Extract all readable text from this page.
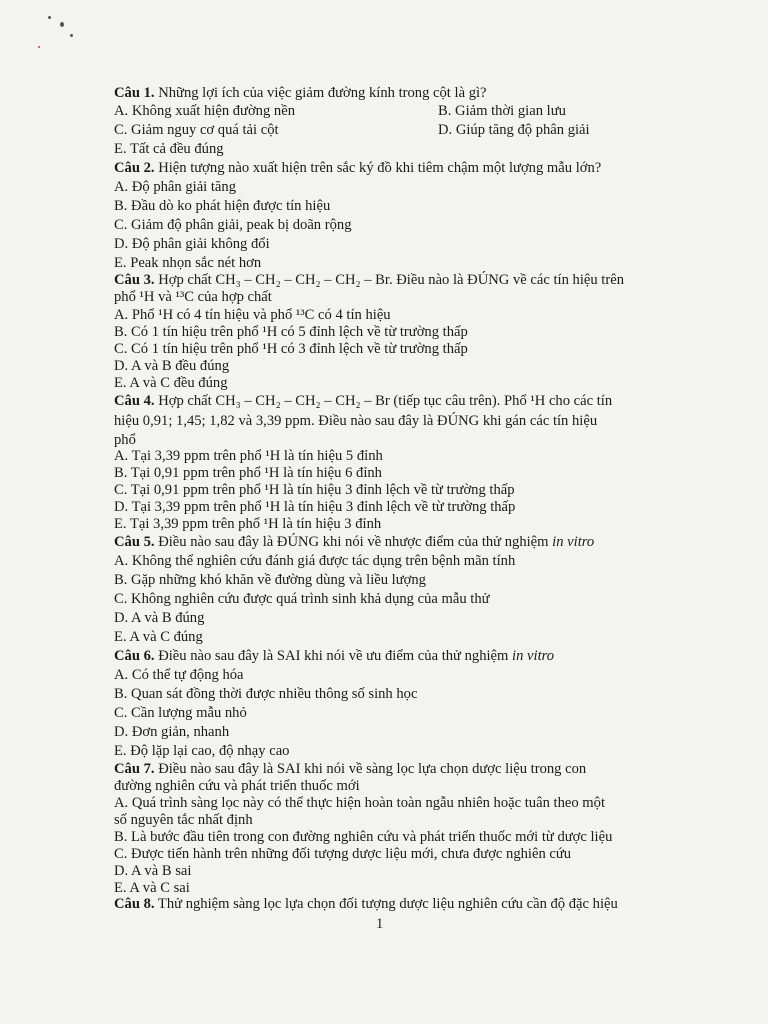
Câu 1. Những lợi ích của việc giảm đường kính trong cột là gì?
A. Không xuất hiện đường nền	B. Giảm thời gian lưu
C. Giảm nguy cơ quá tải cột	D. Giúp tăng độ phân giải
E. Tất cả đều đúng
Câu 2. Hiện tượng nào xuất hiện trên sắc ký đồ khi tiêm chậm một lượng mẫu lớn?
A. Độ phân giải tăng
B. Đầu dò ko phát hiện được tín hiệu
C. Giảm độ phân giải, peak bị doãn rộng
D. Độ phân giải không đổi
E. Peak nhọn sắc nét hơn
Câu 3. Hợp chất CH₃ – CH₂ – CH₂ – CH₂ – Br. Điều nào là ĐÚNG về các tín hiệu trên
phổ ¹H và ¹³C của hợp chất
A. Phổ ¹H có 4 tín hiệu và phổ ¹³C có 4 tín hiệu
B. Có 1 tín hiệu trên phổ ¹H có 5 đỉnh lệch về từ trường thấp
C. Có 1 tín hiệu trên phổ ¹H có 3 đỉnh lệch về từ trường thấp
D. A và B đều đúng
E. A và C đều đúng
Câu 4. Hợp chất CH₃ – CH₂ – CH₂ – CH₂ – Br (tiếp tục câu trên). Phổ ¹H cho các tín
hiệu 0,91; 1,45; 1,82 và 3,39 ppm. Điều nào sau đây là ĐÚNG khi gán các tín hiệu
phổ
A. Tại 3,39 ppm trên phổ ¹H là tín hiệu 5 đỉnh
B. Tại 0,91 ppm trên phổ ¹H là tín hiệu 6 đỉnh
C. Tại 0,91 ppm trên phổ ¹H là tín hiệu 3 đỉnh lệch về từ trường thấp
D. Tại 3,39 ppm trên phổ ¹H là tín hiệu 3 đỉnh lệch về từ trường thấp
E. Tại 3,39 ppm trên phổ ¹H là tín hiệu 3 đỉnh
Câu 5. Điều nào sau đây là ĐÚNG khi nói về nhược điểm của thử nghiệm in vitro
A. Không thể nghiên cứu đánh giá được tác dụng trên bệnh mãn tính
B. Gặp những khó khăn về đường dùng và liều lượng
C. Không nghiên cứu được quá trình sinh khả dụng của mẫu thử
D. A và B đúng
E. A và C đúng
Câu 6. Điều nào sau đây là SAI khi nói về ưu điểm của thử nghiệm in vitro
A. Có thể tự động hóa
B. Quan sát đồng thời được nhiều thông số sinh học
C. Cần lượng mẫu nhỏ
D. Đơn giản, nhanh
E. Độ lặp lại cao, độ nhạy cao
Câu 7. Điều nào sau đây là SAI khi nói về sàng lọc lựa chọn dược liệu trong con
đường nghiên cứu và phát triển thuốc mới
A. Quá trình sàng lọc này có thể thực hiện hoàn toàn ngẫu nhiên hoặc tuân theo một
số nguyên tắc nhất định
B. Là bước đầu tiên trong con đường nghiên cứu và phát triển thuốc mới từ dược liệu
C. Được tiến hành trên những đối tượng dược liệu mới, chưa được nghiên cứu
D. A và B sai
E. A và C sai
Câu 8. Thử nghiệm sàng lọc lựa chọn đối tượng dược liệu nghiên cứu cần độ đặc hiệu
1
